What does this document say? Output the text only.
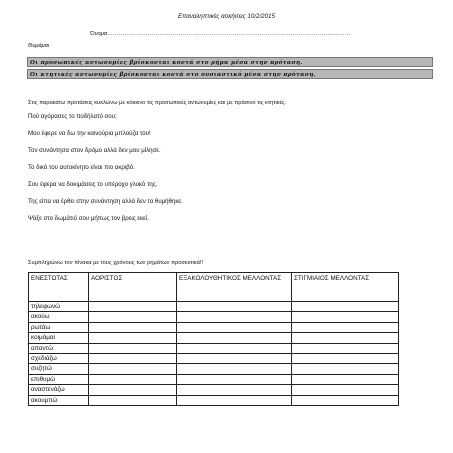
Επαναληπτικές ασκήσεις 10/2/2015
Όνομα………………………………………………………………………………………………………………
Θυμάμαι
Οι προσωπικές αντωνυμίες βρίσκονται κοντά στο ρήμα μέσα στην πρόταση.
Οι κτητικές αντωνυμίες βρίσκονται κοντά στο ουσιαστικό μέσα στην πρόταση.
Στις παρακάτω προτάσεις κυκλώνω με κόκκινο τις προσωπικές αντωνυμίες και με πράσινο τις κτητικές.
Πού αγόρασες το ποδήλατό σου;
Μου έφερε να δω την καινούρια μπλούζα του!
Τον συνάντησα στον δρόμο αλλά δεν μου μίλησε.
Το δικό του αυτοκίνητο είναι πιο ακριβό.
Σου έφερα να δοκιμάσεις το υπέροχο γλυκό της.
Της είπα να έρθει στην συνάντηση αλλά δεν το θυμήθηκε.
Ψάξε στο δωμάτιό σου μήπως τον βρεις εκεί.
Συμπληρώνω τον πίνακα με τους χρόνους των ρημάτων προσεκτικά!!
ΕΝΕΣΤΩΤΑΣ	ΑΟΡΙΣΤΟΣ	ΕΞΑΚΟΛΟΥΘΗΤΙΚΟΣ ΜΕΛΛΟΝΤΑΣ	ΣΤΙΓΜΙΑΙΟΣ ΜΕΛΛΟΝΤΑΣ
τηλεφωνώ			
ακούω			
ρωτάω			
κοιμάμαι			
απαντώ			
σχεδιάζω			
συζητώ			
επιθυμώ			
αναστενάζω			
ακουμπώ			
